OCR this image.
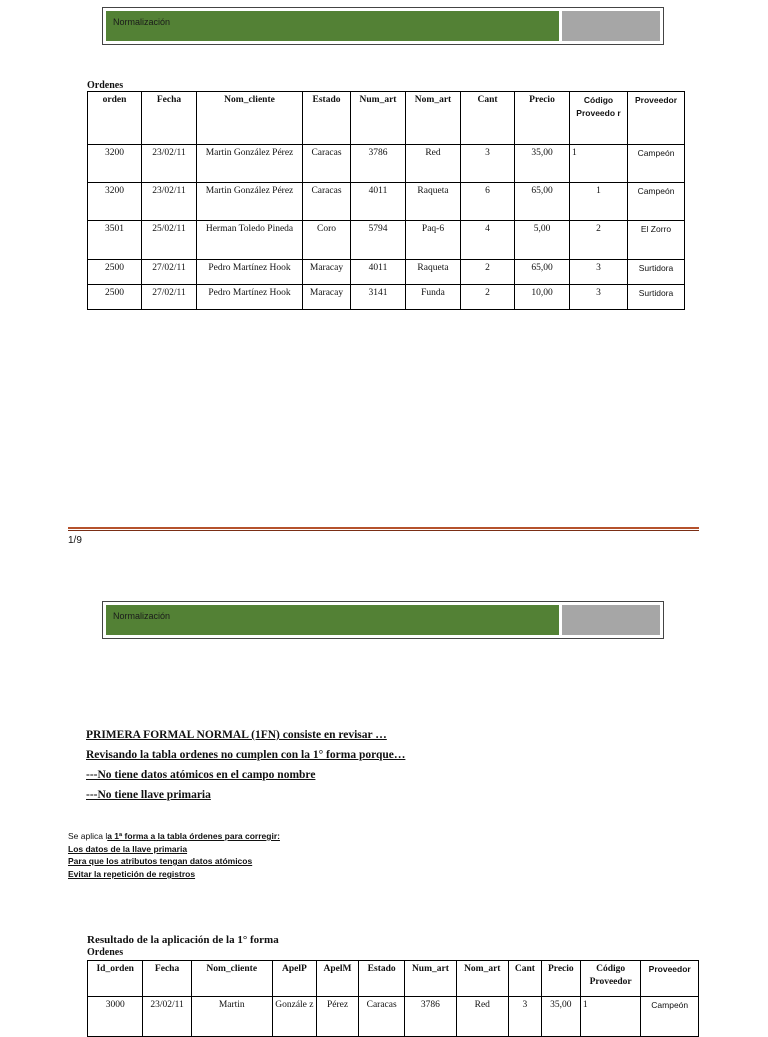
Normalización
Ordenes
orden	Fecha	Nom_cliente	Estado	Num_art	Nom_art	Cant	Precio	Código Proveedo r	Proveedor
3200	23/02/11	Martin González Pérez	Caracas	3786	Red	3	35,00	1	Campeón
3200	23/02/11	Martin González Pérez	Caracas	4011	Raqueta	6	65,00	1	Campeón
3501	25/02/11	Herman Toledo Pineda	Coro	5794	Paq-6	4	5,00	2	El Zorro
2500	27/02/11	Pedro Martínez Hook	Maracay	4011	Raqueta	2	65,00	3	Surtidora
2500	27/02/11	Pedro Martínez Hook	Maracay	3141	Funda	2	10,00	3	Surtidora
1/9
Normalización
PRIMERA FORMAL NORMAL (1FN) consiste en revisar …
Revisando la tabla ordenes no cumplen con la 1° forma porque…
---No tiene datos atómicos en el campo nombre
---No tiene llave primaria
Se aplica la 1ª forma a la tabla órdenes para corregir:
Los datos de la llave primaria
Para que los atributos tengan datos atómicos
Evitar la repetición de registros
Resultado de la aplicación de la 1° forma
Ordenes
Id_orden	Fecha	Nom_cliente	ApelP	ApelM	Estado	Num_art	Nom_art	Cant	Precio	Código Proveedor	Proveedor
3000	23/02/11	Martin	Gonzále z	Pérez	Caracas	3786	Red	3	35,00	1	Campeón
